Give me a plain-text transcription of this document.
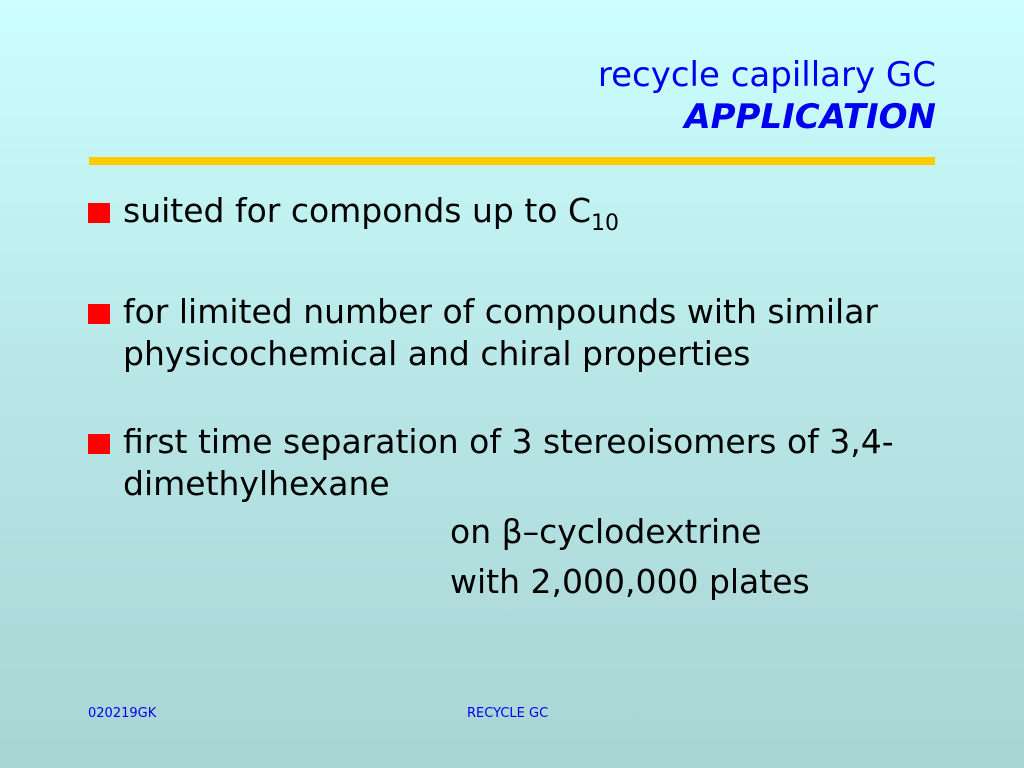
recycle capillary GC
APPLICATION
suited for componds up to $C_{10}$
for limited number of compounds with similar physicochemical and chiral properties
first time separation of 3 stereoisomers of 3,4-dimethylhexane
on β–cyclodextrine
with 2,000,000 plates
020219GK	RECYCLE GC
